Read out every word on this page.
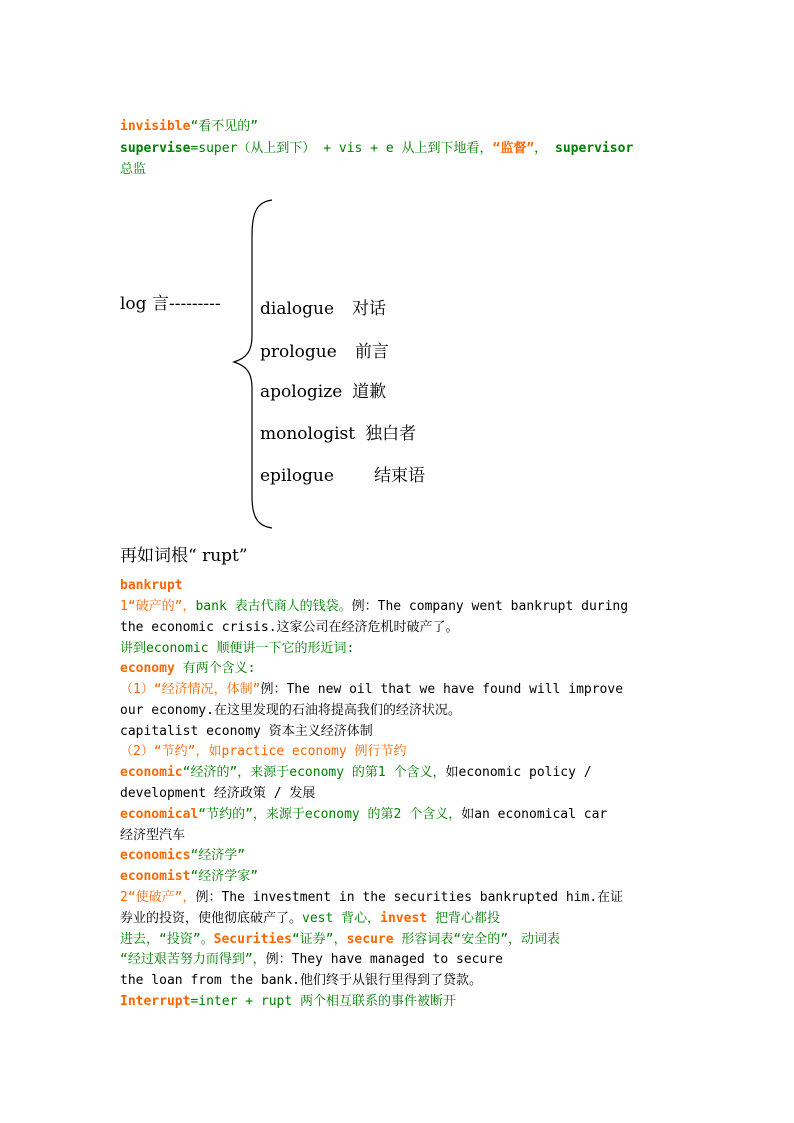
invisible“看不见的”
supervise=super（从上到下） + vis + e 从上到下地看，“监督”， supervisor
总监
log 言--------- dialogue 对话
prologue 前言
apologize 道歉
monologist 独白者
epilogue 结束语
再如词根“ rupt”
bankrupt
1“破产的”，bank 表古代商人的钱袋。例：The company went bankrupt during
the economic crisis.这家公司在经济危机时破产了。
讲到economic 顺便讲一下它的形近词:
economy 有两个含义:
（1）“经济情况，体制”例：The new oil that we have found will improve
our economy.在这里发现的石油将提高我们的经济状况。
capitalist economy 资本主义经济体制
（2）“节约”，如practice economy 例行节约
economic“经济的”，来源于economy 的第1 个含义，如economic policy /
development 经济政策 / 发展
economical“节约的”，来源于economy 的第2 个含义，如an economical car
经济型汽车
economics“经济学”
economist“经济学家”
2“使破产”，例：The investment in the securities bankrupted him.在证
券业的投资，使他彻底破产了。vest 背心，invest 把背心都投
进去，“投资”。Securities“证券”，secure 形容词表“安全的”，动词表
“经过艰苦努力而得到”，例：They have managed to secure
the loan from the bank.他们终于从银行里得到了贷款。
Interrupt=inter + rupt 两个相互联系的事件被断开
